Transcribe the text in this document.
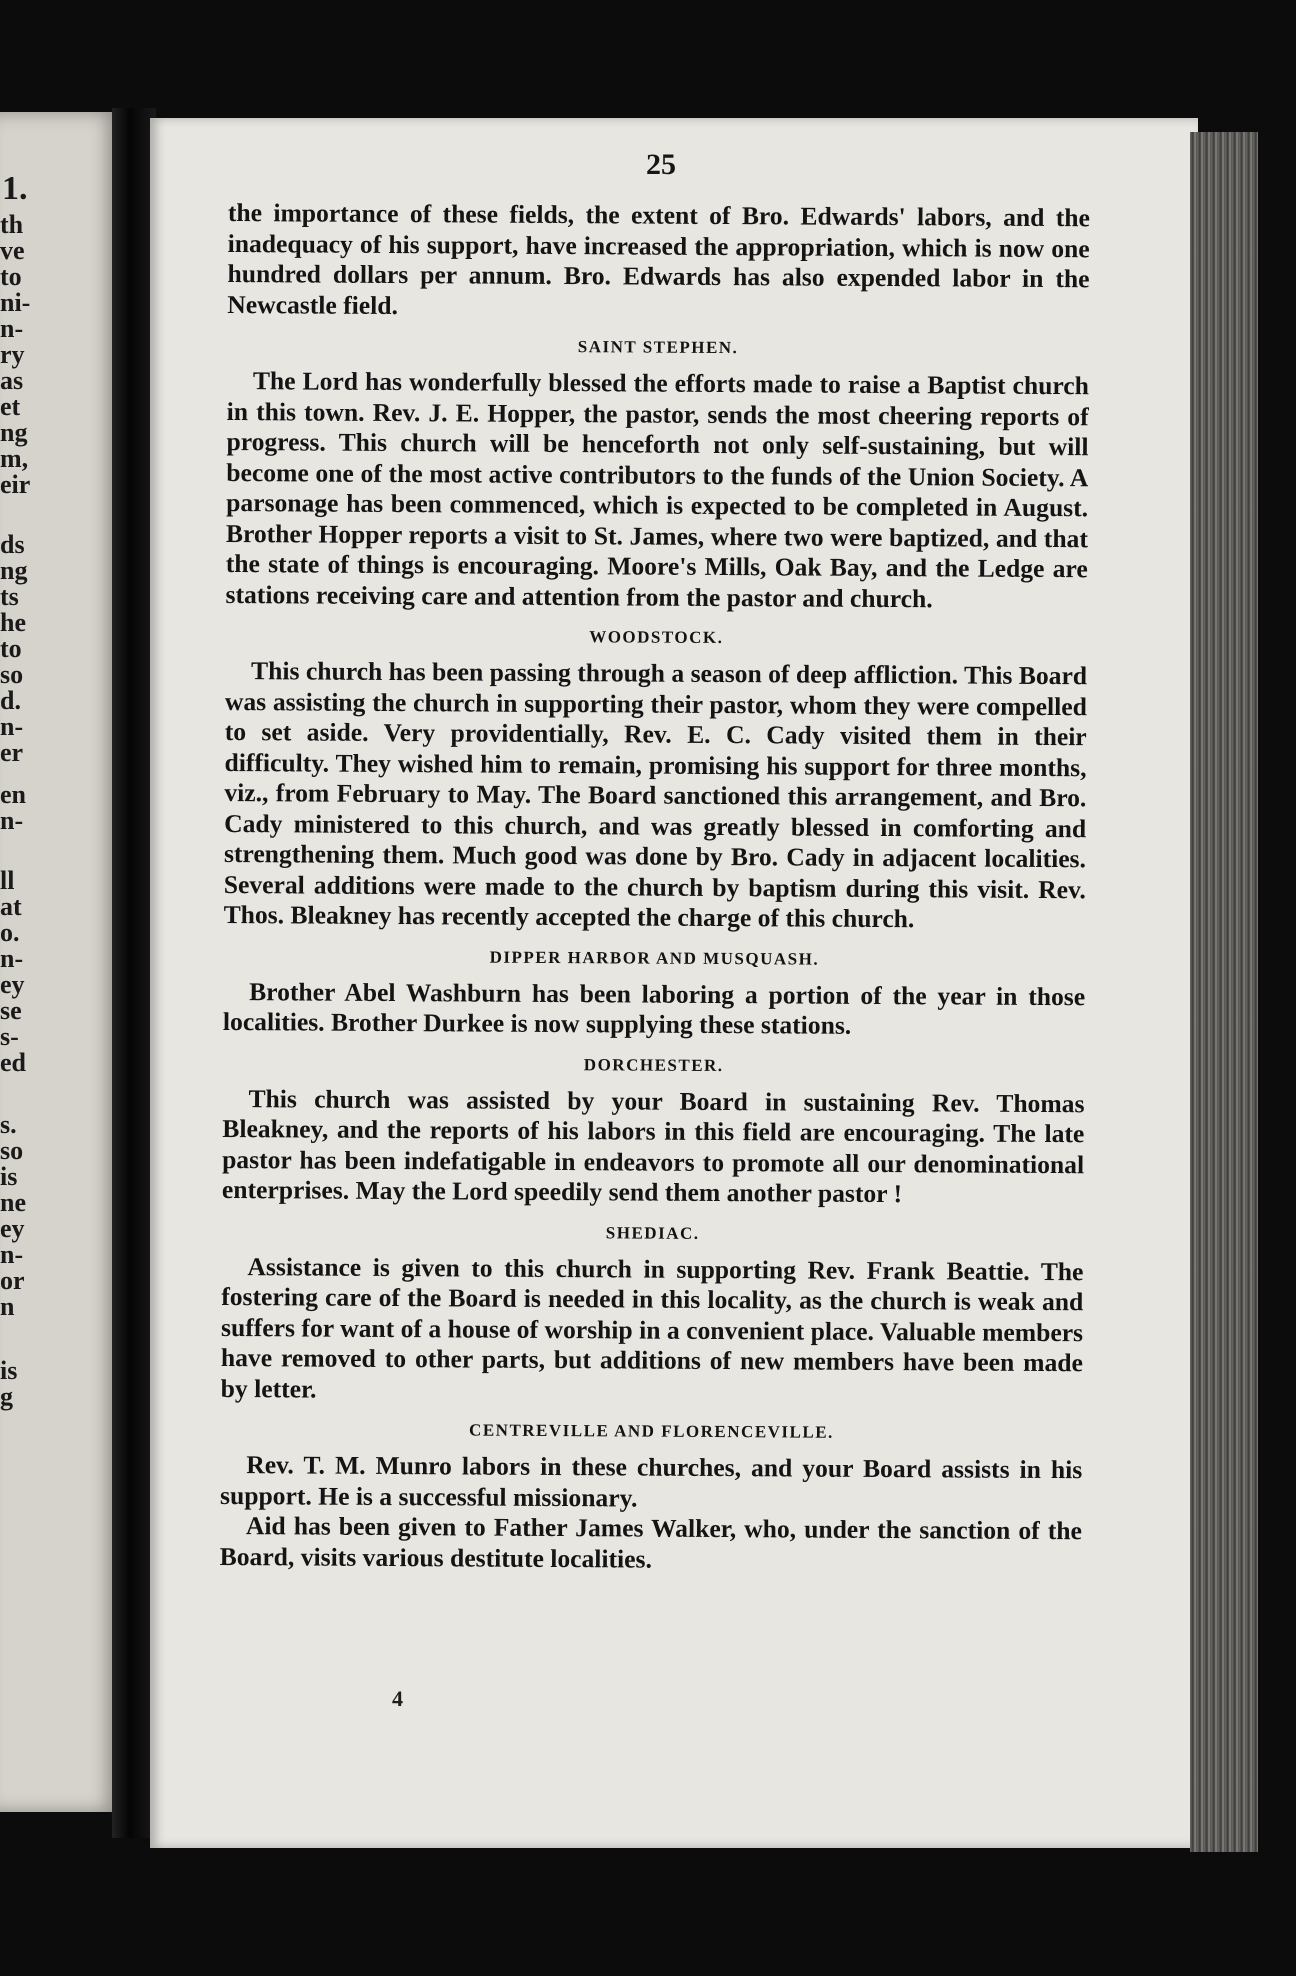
1.
th
ve
to
ni-
n-
ry
as
et
ng
m,
eir
ds
ng
ts
he
to
so
d.
n-
er
en
n-
ll
at
o.
n-
ey
se
s-
ed
s.
so
is
ne
ey
n-
or
n
is
g
25

the importance of these fields, the extent of Bro. Edwards' labors, and the inadequacy of his support, have increased the appropriation, which is now one hundred dollars per annum. Bro. Edwards has also expended labor in the Newcastle field.

SAINT STEPHEN.

The Lord has wonderfully blessed the efforts made to raise a Baptist church in this town. Rev. J. E. Hopper, the pastor, sends the most cheering reports of progress. This church will be henceforth not only self-sustaining, but will become one of the most active contributors to the funds of the Union Society. A parsonage has been commenced, which is expected to be completed in August. Brother Hopper reports a visit to St. James, where two were baptized, and that the state of things is encouraging. Moore's Mills, Oak Bay, and the Ledge are stations receiving care and attention from the pastor and church.

WOODSTOCK.

This church has been passing through a season of deep affliction. This Board was assisting the church in supporting their pastor, whom they were compelled to set aside. Very providentially, Rev. E. C. Cady visited them in their difficulty. They wished him to remain, promising his support for three months, viz., from February to May. The Board sanctioned this arrangement, and Bro. Cady ministered to this church, and was greatly blessed in comforting and strengthening them. Much good was done by Bro. Cady in adjacent localities. Several additions were made to the church by baptism during this visit. Rev. Thos. Bleakney has recently accepted the charge of this church.

DIPPER HARBOR AND MUSQUASH.

Brother Abel Washburn has been laboring a portion of the year in those localities. Brother Durkee is now supplying these stations.

DORCHESTER.

This church was assisted by your Board in sustaining Rev. Thomas Bleakney, and the reports of his labors in this field are encouraging. The late pastor has been indefatigable in endeavors to promote all our denominational enterprises. May the Lord speedily send them another pastor !

SHEDIAC.

Assistance is given to this church in supporting Rev. Frank Beattie. The fostering care of the Board is needed in this locality, as the church is weak and suffers for want of a house of worship in a convenient place. Valuable members have removed to other parts, but additions of new members have been made by letter.

CENTREVILLE AND FLORENCEVILLE.

Rev. T. M. Munro labors in these churches, and your Board assists in his support. He is a successful missionary.

Aid has been given to Father James Walker, who, under the sanction of the Board, visits various destitute localities.

4
